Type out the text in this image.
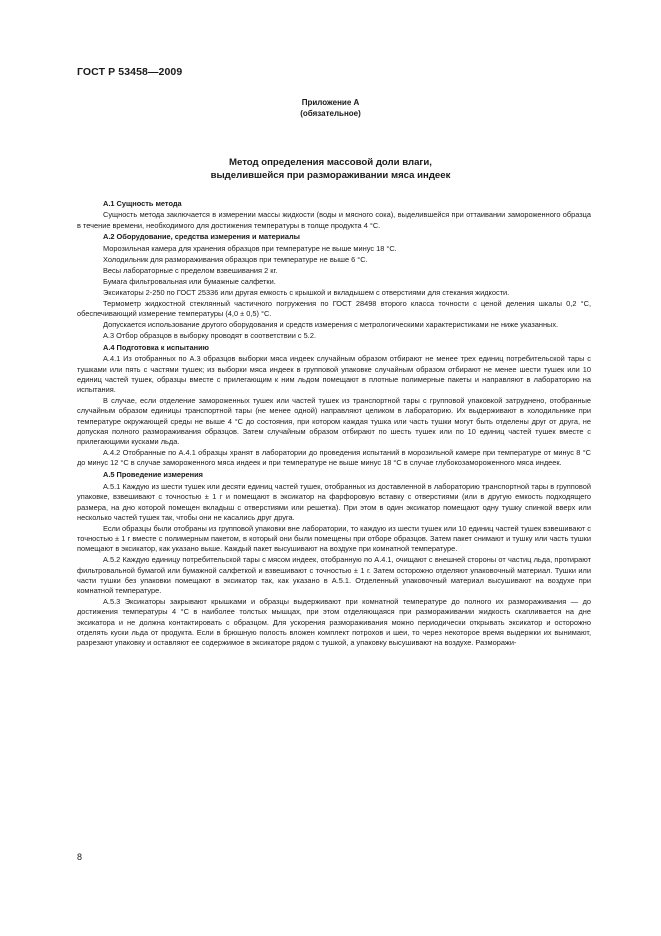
ГОСТ Р 53458—2009
Приложение А
(обязательное)
Метод определения массовой доли влаги,
выделившейся при размораживании мяса индеек

А.1 Сущность метода

Сущность метода заключается в измерении массы жидкости (воды и мясного сока), выделившейся при оттаивании замороженного образца в течение времени, необходимого для достижения температуры в толще продукта 4 °С.

А.2 Оборудование, средства измерения и материалы

Морозильная камера для хранения образцов при температуре не выше минус 18 °С.

Холодильник для размораживания образцов при температуре не выше 6 °С.

Весы лабораторные с пределом взвешивания 2 кг.

Бумага фильтровальная или бумажные салфетки.

Эксикаторы 2-250 по ГОСТ 25336 или другая емкость с крышкой и вкладышем с отверстиями для стекания жидкости.

Термометр жидкостной стеклянный частичного погружения по ГОСТ 28498 второго класса точности с ценой деления шкалы 0,2 °С, обеспечивающий измерение температуры (4,0 ± 0,5) °С.

Допускается использование другого оборудования и средств измерения с метрологическими характеристиками не ниже указанных.

А.3 Отбор образцов в выборку проводят в соответствии с 5.2.

А.4 Подготовка к испытанию

А.4.1 Из отобранных по А.3 образцов выборки мяса индеек случайным образом отбирают не менее трех единиц потребительской тары с тушками или пять с частями тушек; из выборки мяса индеек в групповой упаковке случайным образом отбирают не менее шести тушек или 10 единиц частей тушек, образцы вместе с прилегающим к ним льдом помещают в плотные полимерные пакеты и направляют в лабораторию на испытания.

В случае, если отделение замороженных тушек или частей тушек из транспортной тары с групповой упаковкой затруднено, отобранные случайным образом единицы транспортной тары (не менее одной) направляют целиком в лабораторию. Их выдерживают в холодильнике при температуре окружающей среды не выше 4 °С до состояния, при котором каждая тушка или часть тушки могут быть отделены друг от друга, не допуская полного размораживания образцов. Затем случайным образом отбирают по шесть тушек или по 10 единиц частей тушек вместе с прилегающими кусками льда.

А.4.2 Отобранные по А.4.1 образцы хранят в лаборатории до проведения испытаний в морозильной камере при температуре от минус 8 °С до минус 12 °С в случае замороженного мяса индеек и при температуре не выше минус 18 °С в случае глубокозамороженного мяса индеек.

А.5 Проведение измерения

А.5.1 Каждую из шести тушек или десяти единиц частей тушек, отобранных из доставленной в лабораторию транспортной тары в групповой упаковке, взвешивают с точностью ± 1 г и помещают в эксикатор на фарфоровую вставку с отверстиями (или в другую емкость подходящего размера, на дно которой помещен вкладыш с отверстиями или решетка). При этом в один эксикатор помещают одну тушку спинкой вверх или несколько частей тушек так, чтобы они не касались друг друга.

Если образцы были отобраны из групповой упаковки вне лаборатории, то каждую из шести тушек или 10 единиц частей тушек взвешивают с точностью ± 1 г вместе с полимерным пакетом, в который они были помещены при отборе образцов. Затем пакет снимают и тушку или часть тушки помещают в эксикатор, как указано выше. Каждый пакет высушивают на воздухе при комнатной температуре.

А.5.2 Каждую единицу потребительской тары с мясом индеек, отобранную по А.4.1, очищают с внешней стороны от частиц льда, протирают фильтровальной бумагой или бумажной салфеткой и взвешивают с точностью ± 1 г. Затем осторожно отделяют упаковочный материал. Тушки или части тушки без упаковки помещают в эксикатор так, как указано в А.5.1. Отделенный упаковочный материал высушивают на воздухе при комнатной температуре.

А.5.3 Эксикаторы закрывают крышками и образцы выдерживают при комнатной температуре до полного их размораживания — до достижения температуры 4 °С в наиболее толстых мышцах, при этом отделяющаяся при размораживании жидкость скапливается на дне эксикатора и не должна контактировать с образцом. Для ускорения размораживания можно периодически открывать эксикатор и осторожно отделять куски льда от продукта. Если в брюшную полость вложен комплект потрохов и шеи, то через некоторое время выдержки их вынимают, разрезают упаковку и оставляют ее содержимое в эксикаторе рядом с тушкой, а упаковку высушивают на воздухе. Разморажи-

8
